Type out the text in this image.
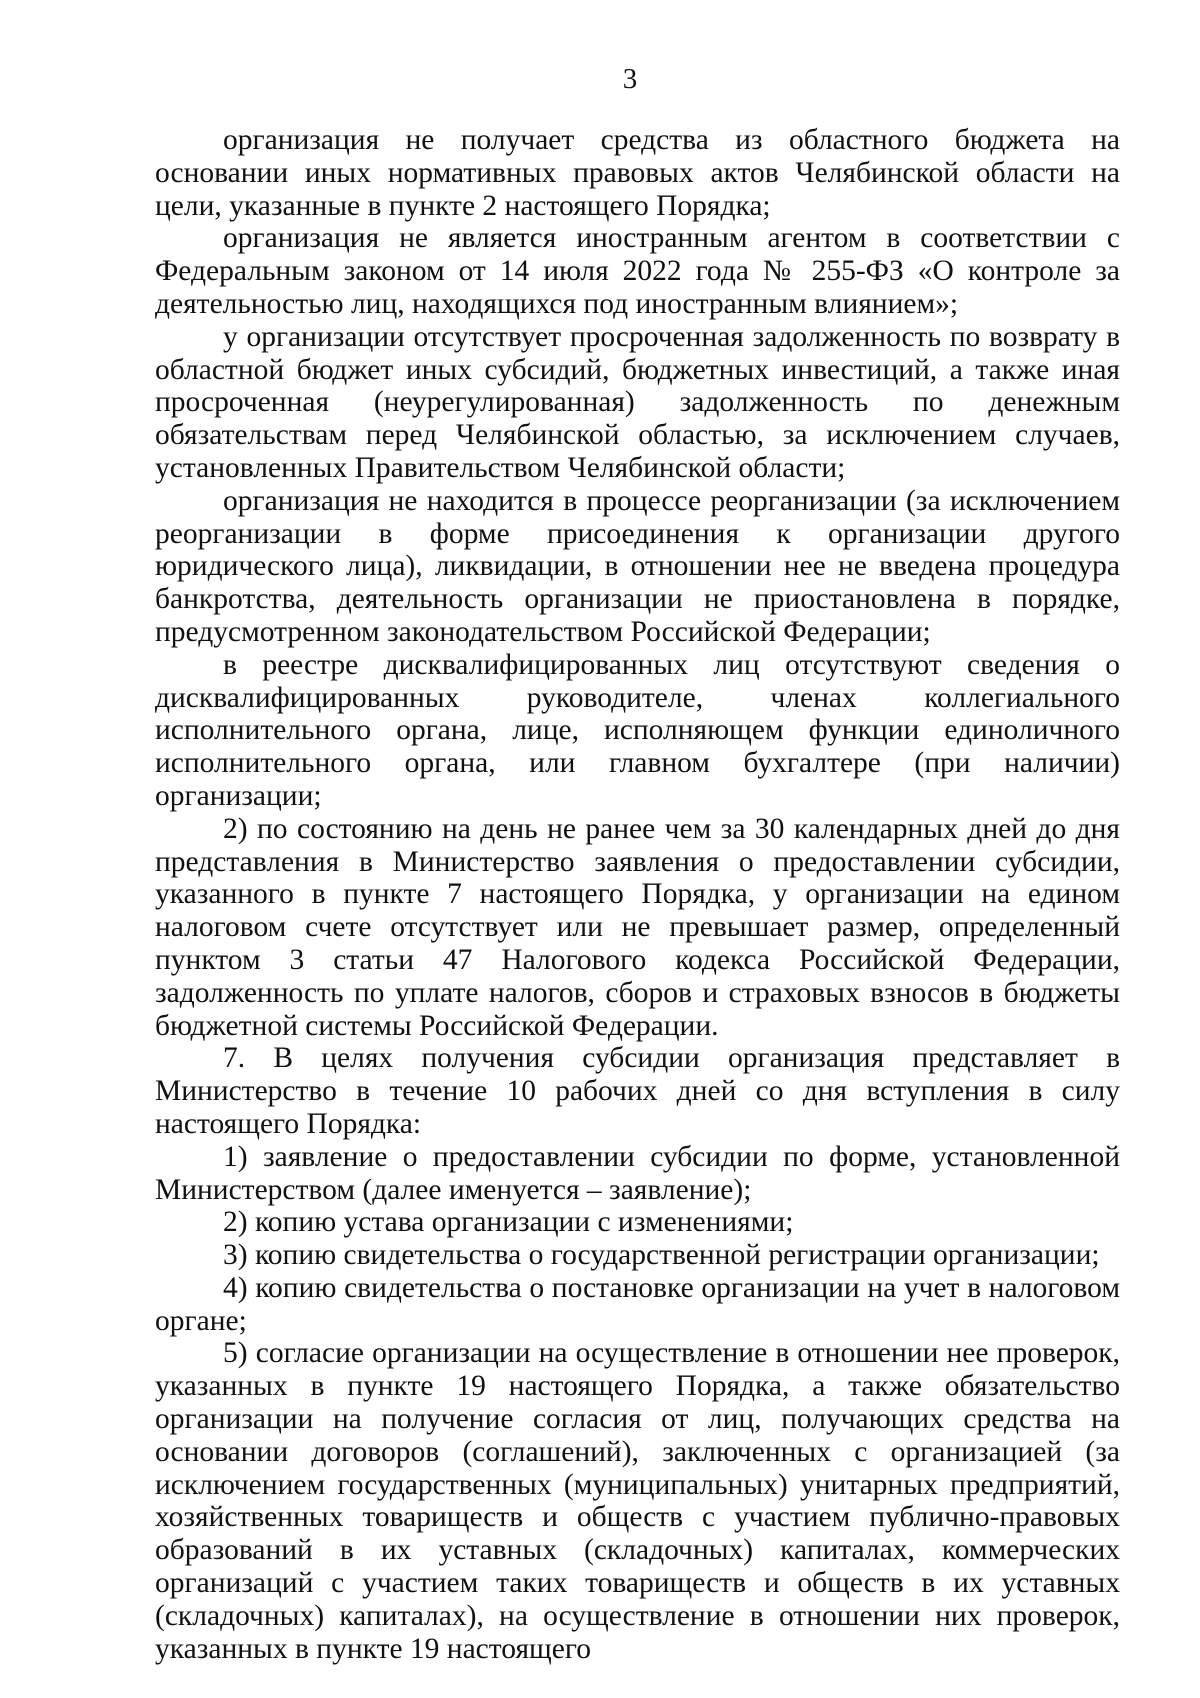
3

организация не получает средства из областного бюджета на основании иных нормативных правовых актов Челябинской области на цели, указанные в пункте 2 настоящего Порядка;

организация не является иностранным агентом в соответствии с Федеральным законом от 14 июля 2022 года № 255-ФЗ «О контроле за деятельностью лиц, находящихся под иностранным влиянием»;

у организации отсутствует просроченная задолженность по возврату в областной бюджет иных субсидий, бюджетных инвестиций, а также иная просроченная (неурегулированная) задолженность по денежным обязательствам перед Челябинской областью, за исключением случаев, установленных Правительством Челябинской области;

организация не находится в процессе реорганизации (за исключением реорганизации в форме присоединения к организации другого юридического лица), ликвидации, в отношении нее не введена процедура банкротства, деятельность организации не приостановлена в порядке, предусмотренном законодательством Российской Федерации;

в реестре дисквалифицированных лиц отсутствуют сведения о дисквалифицированных руководителе, членах коллегиального исполнительного органа, лице, исполняющем функции единоличного исполнительного органа, или главном бухгалтере (при наличии) организации;

2) по состоянию на день не ранее чем за 30 календарных дней до дня представления в Министерство заявления о предоставлении субсидии, указанного в пункте 7 настоящего Порядка, у организации на едином налоговом счете отсутствует или не превышает размер, определенный пунктом 3 статьи 47 Налогового кодекса Российской Федерации, задолженность по уплате налогов, сборов и страховых взносов в бюджеты бюджетной системы Российской Федерации.

7. В целях получения субсидии организация представляет в Министерство в течение 10 рабочих дней со дня вступления в силу настоящего Порядка:

1) заявление о предоставлении субсидии по форме, установленной Министерством (далее именуется – заявление);

2) копию устава организации с изменениями;

3) копию свидетельства о государственной регистрации организации;

4) копию свидетельства о постановке организации на учет в налоговом органе;

5) согласие организации на осуществление в отношении нее проверок, указанных в пункте 19 настоящего Порядка, а также обязательство организации на получение согласия от лиц, получающих средства на основании договоров (соглашений), заключенных с организацией (за исключением государственных (муниципальных) унитарных предприятий, хозяйственных товариществ и обществ с участием публично-правовых образований в их уставных (складочных) капиталах, коммерческих организаций с участием таких товариществ и обществ в их уставных (складочных) капиталах), на осуществление в отношении них проверок, указанных в пункте 19 настоящего
